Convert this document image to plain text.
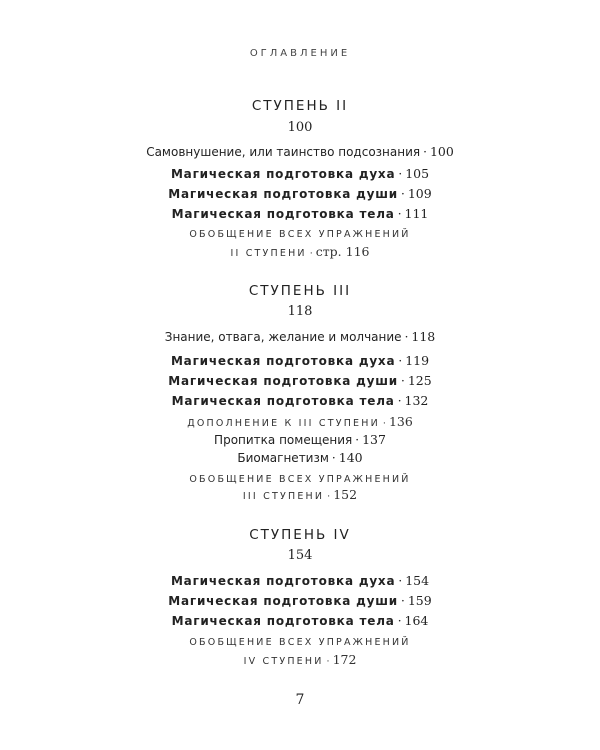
ОГЛАВЛЕНИЕ
СТУПЕНЬ II
100
Самовнушение, или таинство подсознания · 100
Магическая подготовка духа · 105
Магическая подготовка души · 109
Магическая подготовка тела · 111
ОБОБЩЕНИЕ ВСЕХ УПРАЖНЕНИЙ
II СТУПЕНИ · стр. 116
СТУПЕНЬ III
118
Знание, отвага, желание и молчание · 118
Магическая подготовка духа · 119
Магическая подготовка души · 125
Магическая подготовка тела · 132
ДОПОЛНЕНИЕ К III СТУПЕНИ · 136
Пропитка помещения · 137
Биомагнетизм · 140
ОБОБЩЕНИЕ ВСЕХ УПРАЖНЕНИЙ
III СТУПЕНИ · 152
СТУПЕНЬ IV
154
Магическая подготовка духа · 154
Магическая подготовка души · 159
Магическая подготовка тела · 164
ОБОБЩЕНИЕ ВСЕХ УПРАЖНЕНИЙ
IV СТУПЕНИ · 172
7
